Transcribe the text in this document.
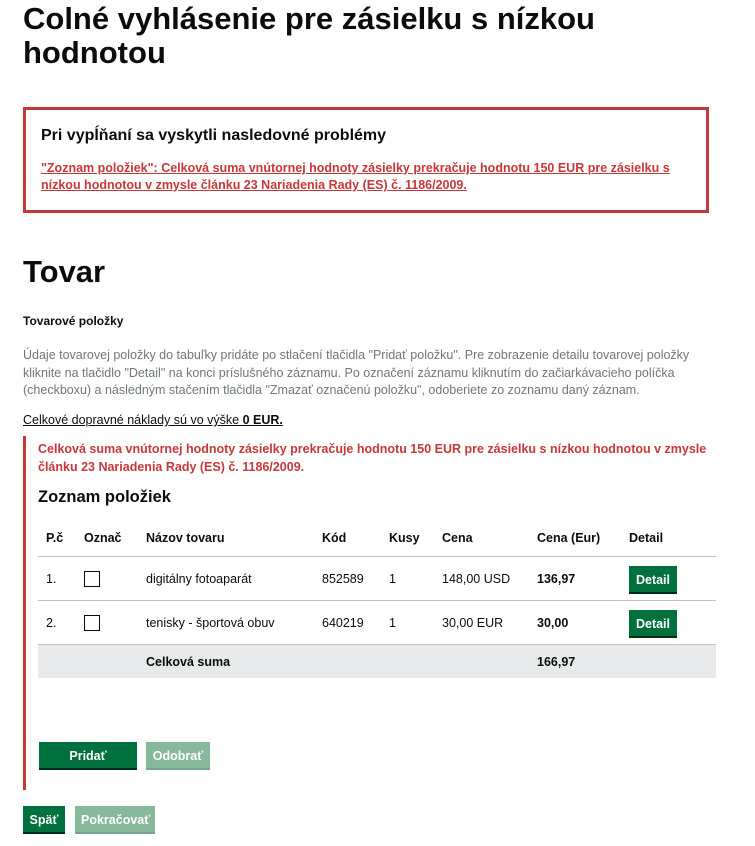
Colné vyhlásenie pre zásielku s nízkou hodnotou
Pri vypĺňaní sa vyskytli nasledovné problémy
"Zoznam položiek": Celková suma vnútornej hodnoty zásielky prekračuje hodnotu 150 EUR pre zásielku s nízkou hodnotou v zmysle článku 23 Nariadenia Rady (ES) č. 1186/2009.
Tovar
Tovarové položky

Údaje tovarovej položky do tabuľky pridáte po stlačení tlačidla "Pridať položku". Pre zobrazenie detailu tovarovej položky kliknite na tlačidlo "Detail" na konci príslušného záznamu. Po označení záznamu kliknutím do začiarkávacieho políčka (checkboxu) a následným stačením tlačidla "Zmazať označenú položku", odoberiete zo zoznamu daný záznam.

Celkové dopravné náklady sú vo výške 0 EUR.

Celková suma vnútornej hodnoty zásielky prekračuje hodnotu 150 EUR pre zásielku s nízkou hodnotou v zmysle článku 23 Nariadenia Rady (ES) č. 1186/2009.

Zoznam položiek
P.č	Označ	Názov tovaru	Kód	Kusy	Cena	Cena (Eur)	Detail
1.		digitálny fotoaparát	852589	1	148,00 USD	136,97	Detail
2.		tenisky - športová obuv	640219	1	30,00 EUR	30,00	Detail
		Celková suma				166,97	
Pridať položku
Odobrať
Späť	Pokračovať
